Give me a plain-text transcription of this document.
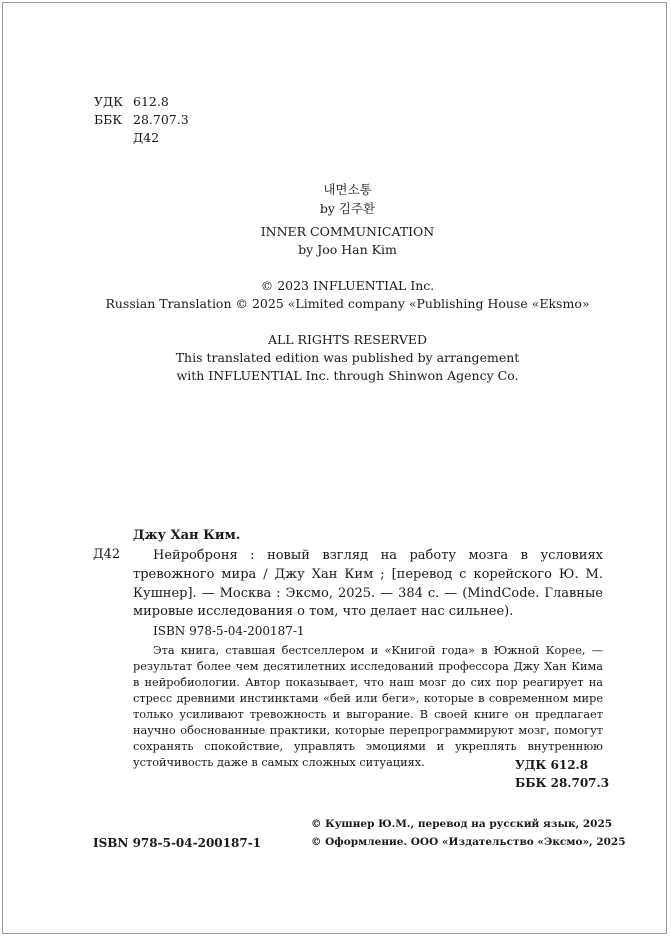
УДК 612.8
ББК 28.707.3
Д42
내면소통
by 김주환
INNER COMMUNICATION
by Joo Han Kim
© 2023 INFLUENTIAL Inc.
Russian Translation © 2025 «Limited company «Publishing House «Eksmo»
ALL RIGHTS RESERVED
This translated edition was published by arrangement
with INFLUENTIAL Inc. through Shinwon Agency Co.
Джу Хан Ким.
Д42	Нейроброня : новый взгляд на работу мозга в условиях тревожного мира / Джу Хан Ким ; [перевод с корейского Ю. М. Кушнер]. — Москва : Эксмо, 2025. — 384 с. — (MindCode. Главные мировые исследования о том, что делает нас сильнее).
ISBN 978-5-04-200187-1
Эта книга, ставшая бестселлером и «Книгой года» в Южной Корее, — результат более чем десятилетних исследований профессора Джу Хан Кима в нейробиологии. Автор показывает, что наш мозг до сих пор реагирует на стресс древними инстинктами «бей или беги», которые в современном мире только усиливают тревожность и выгорание. В своей книге он предлагает научно обоснованные практики, которые перепрограммируют мозг, помогут сохранять спокойствие, управлять эмоциями и укреплять внутреннюю устойчивость даже в самых сложных ситуациях.	УДК 612.8
ББК 28.707.3
ISBN 978-5-04-200187-1
© Кушнер Ю.М., перевод на русский язык, 2025
© Оформление. ООО «Издательство «Эксмо», 2025
